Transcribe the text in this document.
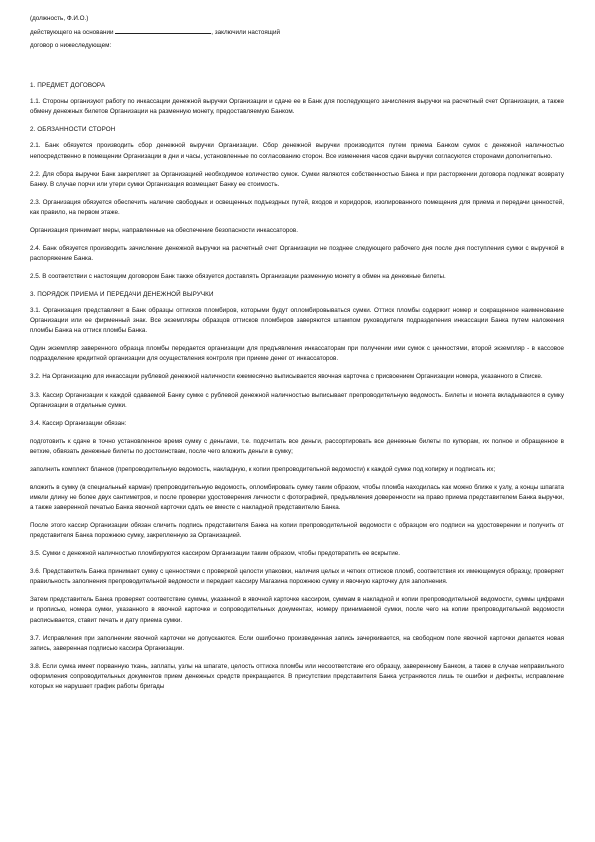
(должность, Ф.И.О.)
действующего на основании	, заключили настоящий
договор о нижеследующем:
1. ПРЕДМЕТ ДОГОВОРА

1.1. Стороны организуют работу по инкассации денежной выручки Организации и сдаче ее в Банк для последующего зачисления выручки на расчетный счет Организации, а также обмену денежных билетов Организации на разменную монету, предоставляемую Банком.

2. ОБЯЗАННОСТИ СТОРОН

2.1. Банк обязуется производить сбор денежной выручки Организации. Сбор денежной выручки производится путем приема Банком сумок с денежной наличностью непосредственно в помещении Организации в дни и часы, установленные по согласованию сторон. Все изменения часов сдачи выручки согласуются сторонами дополнительно.

2.2. Для сбора выручки Банк закрепляет за Организацией необходимое количество сумок. Сумки являются собственностью Банка и при расторжении договора подлежат возврату Банку. В случае порчи или утери сумки Организация возмещает Банку ее стоимость.

2.3. Организация обязуется обеспечить наличие свободных и освещенных подъездных путей, входов и коридоров, изолированного помещения для приема и передачи ценностей, как правило, на первом этаже.

Организация принимает меры, направленные на обеспечение безопасности инкассаторов.

2.4. Банк обязуется производить зачисление денежной выручки на расчетный счет Организации не позднее следующего рабочего дня после дня поступления сумки с выручкой в распоряжение Банка.

2.5. В соответствии с настоящим договором Банк также обязуется доставлять Организации разменную монету в обмен на денежные билеты.

3. ПОРЯДОК ПРИЕМА И ПЕРЕДАЧИ ДЕНЕЖНОЙ ВЫРУЧКИ

3.1. Организация представляет в Банк образцы оттисков пломбиров, которыми будут опломбировываться сумки. Оттиск пломбы содержит номер и сокращенное наименование Организации или ее фирменный знак. Все экземпляры образцов оттисков пломбиров заверяются штампом руководителя подразделения инкассации Банка путем наложения пломбы Банка на оттиск пломбы Банка.

Один экземпляр заверенного образца пломбы передается организации для предъявления инкассаторам при получении ими сумок с ценностями, второй экземпляр - в кассовое подразделение кредитной организации для осуществления контроля при приеме денег от инкассаторов.

3.2. На Организацию для инкассации рублевой денежной наличности ежемесячно выписывается явочная карточка с присвоением Организации номера, указанного в Списке.

3.3. Кассир Организации к каждой сдаваемой Банку сумке с рублевой денежной наличностью выписывает препроводительную ведомость. Билеты и монета вкладываются в сумку Организации в отдельные сумки.

3.4. Кассир Организации обязан:

подготовить к сдаче в точно установленное время сумку с деньгами, т.е. подсчитать все деньги, рассортировать все денежные билеты по купюрам, их полное и обращенное в ветхие, обвязать денежные билеты по достоинствам, после чего вложить деньги в сумку;

заполнить комплект бланков (препроводительную ведомость, накладную, к копии препроводительной ведомости) к каждой сумке под копирку и подписать их;

вложить в сумку (в специальный карман) препроводительную ведомость, опломбировать сумку таким образом, чтобы пломба находилась как можно ближе к узлу, а концы шпагата имели длину не более двух сантиметров, и после проверки удостоверения личности с фотографией, предъявления доверенности на право приема представителем Банка выручки, а также заверенной печатью Банка явочной карточки сдать ее вместе с накладной представителю Банка.

После этого кассир Организации обязан сличить подпись представителя Банка на копии препроводительной ведомости с образцом его подписи на удостоверении и получить от представителя Банка порожнюю сумку, закрепленную за Организацией.

3.5. Сумки с денежной наличностью пломбируются кассиром Организации таким образом, чтобы предотвратить ее вскрытие.

3.6. Представитель Банка принимает сумку с ценностями с проверкой целости упаковки, наличия целых и четких оттисков пломб, соответствия их имеющемуся образцу, проверяет правильность заполнения препроводительной ведомости и передает кассиру Магазина порожнюю сумку и явочную карточку для заполнения.

Затем представитель Банка проверяет соответствие суммы, указанной в явочной карточке кассиром, суммам в накладной и копии препроводительной ведомости, суммы цифрами и прописью, номера сумки, указанного в явочной карточке и сопроводительных документах, номеру принимаемой сумки, после чего на копии препроводительной ведомости расписывается, ставит печать и дату приема сумки.

3.7. Исправления при заполнении явочной карточки не допускаются. Если ошибочно произведенная запись зачеркивается, на свободном поле явочной карточки делается новая запись, заверенная подписью кассира Организации.

3.8. Если сумка имеет порванную ткань, заплаты, узлы на шпагате, целость оттиска пломбы или несоответствие его образцу, заверенному Банком, а также в случае неправильного оформления сопроводительных документов прием денежных средств прекращается. В присутствии представителя Банка устраняются лишь те ошибки и дефекты, исправление которых не нарушает график работы бригады
